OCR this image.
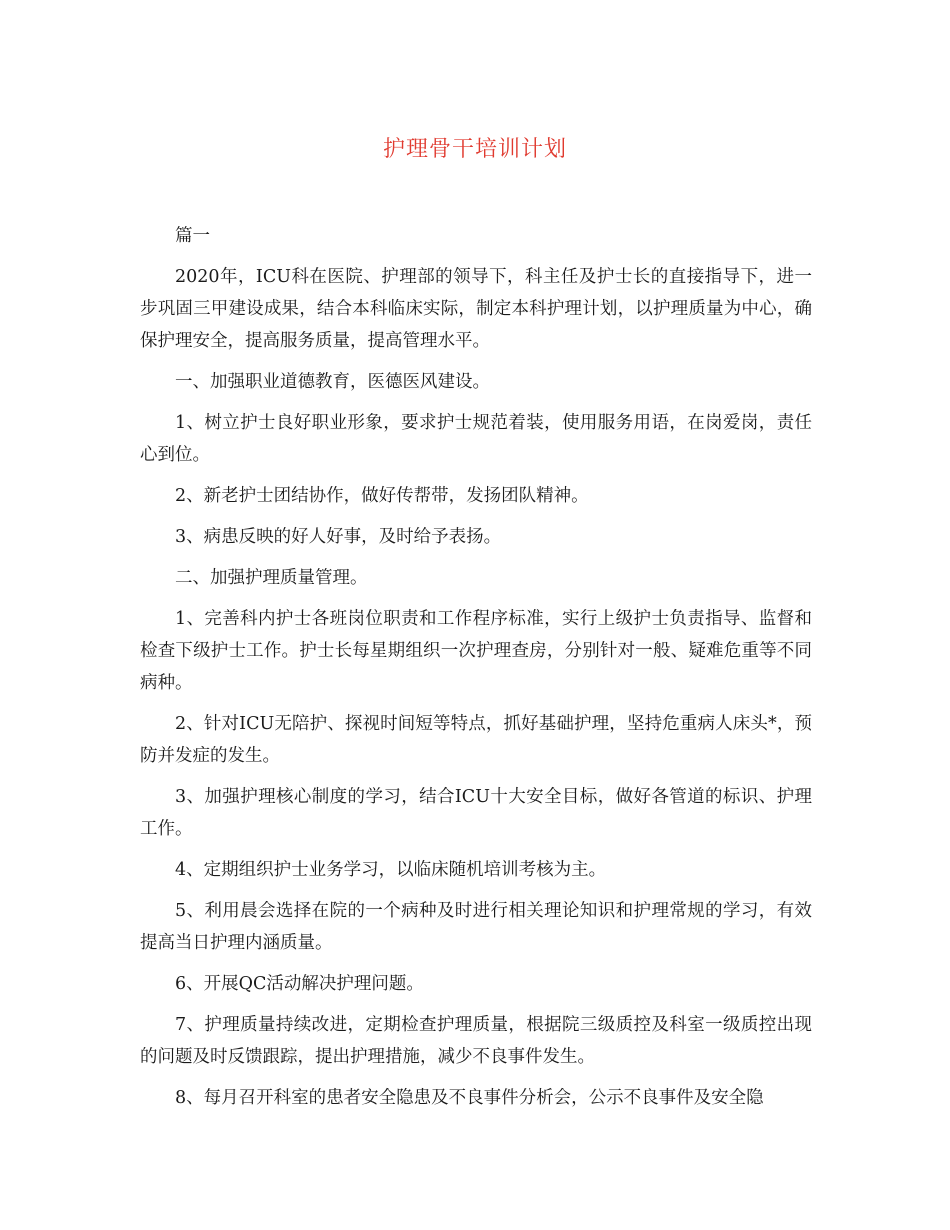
护理骨干培训计划

篇一

2020年，ICU科在医院、护理部的领导下，科主任及护士长的直接指导下，进一步巩固三甲建设成果，结合本科临床实际，制定本科护理计划，以护理质量为中心，确保护理安全，提高服务质量，提高管理水平。

一、加强职业道德教育，医德医风建设。

1、树立护士良好职业形象，要求护士规范着装，使用服务用语，在岗爱岗，责任心到位。

2、新老护士团结协作，做好传帮带，发扬团队精神。

3、病患反映的好人好事，及时给予表扬。

二、加强护理质量管理。

1、完善科内护士各班岗位职责和工作程序标准，实行上级护士负责指导、监督和检查下级护士工作。护士长每星期组织一次护理查房，分别针对一般、疑难危重等不同病种。

2、针对ICU无陪护、探视时间短等特点，抓好基础护理，坚持危重病人床头*，预防并发症的发生。

3、加强护理核心制度的学习，结合ICU十大安全目标，做好各管道的标识、护理工作。

4、定期组织护士业务学习，以临床随机培训考核为主。

5、利用晨会选择在院的一个病种及时进行相关理论知识和护理常规的学习，有效提高当日护理内涵质量。

6、开展QC活动解决护理问题。

7、护理质量持续改进，定期检查护理质量，根据院三级质控及科室一级质控出现的问题及时反馈跟踪，提出护理措施，减少不良事件发生。

8、每月召开科室的患者安全隐患及不良事件分析会，公示不良事件及安全隐
